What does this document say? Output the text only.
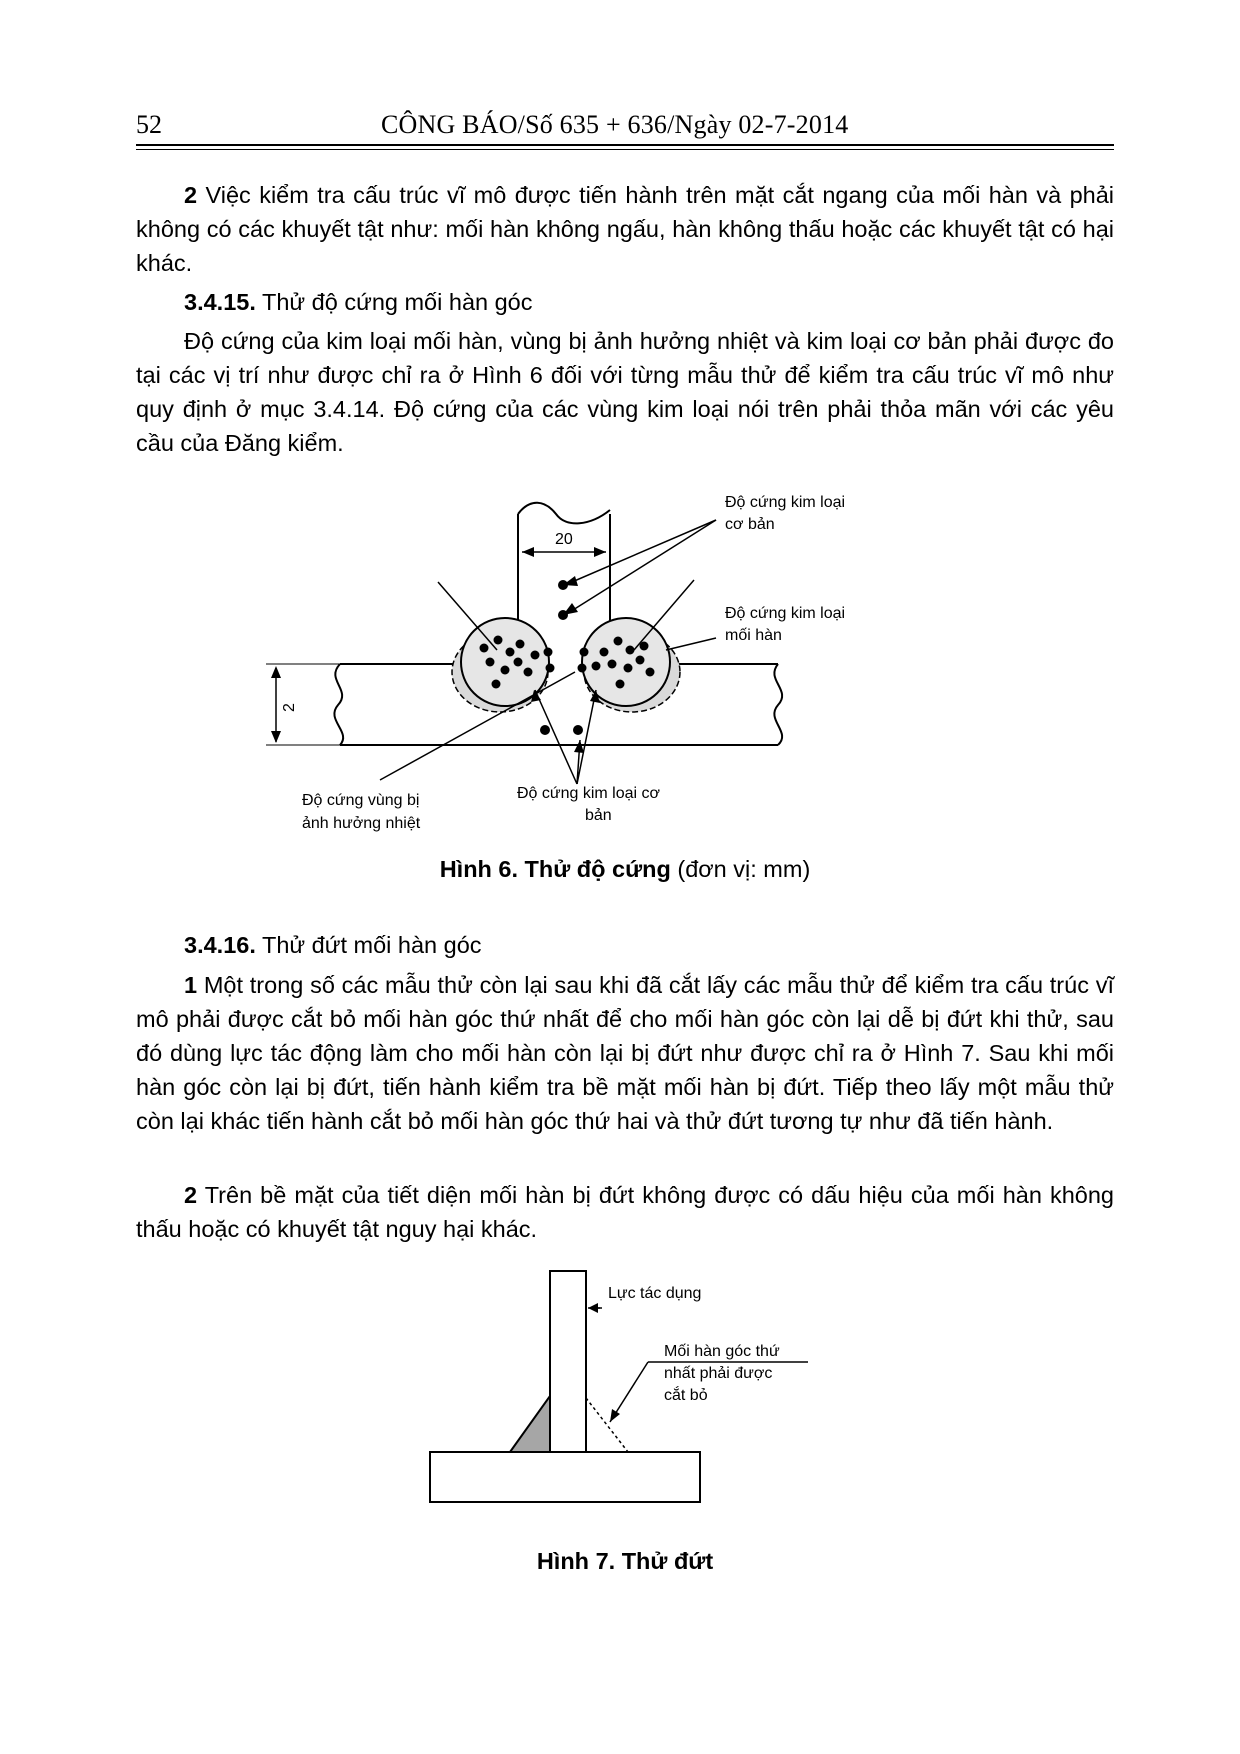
52	CÔNG BÁO/Số 635 + 636/Ngày 02-7-2014

2 Việc kiểm tra cấu trúc vĩ mô được tiến hành trên mặt cắt ngang của mối hàn và phải không có các khuyết tật như: mối hàn không ngấu, hàn không thấu hoặc các khuyết tật có hại khác.

3.4.15. Thử độ cứng mối hàn góc

Độ cứng của kim loại mối hàn, vùng bị ảnh hưởng nhiệt và kim loại cơ bản phải được đo tại các vị trí như được chỉ ra ở Hình 6 đối với từng mẫu thử để kiểm tra cấu trúc vĩ mô như quy định ở mục 3.4.14. Độ cứng của các vùng kim loại nói trên phải thỏa mãn với các yêu cầu của Đăng kiểm.

20
2
Độ cứng kim loại
cơ bản
Độ cứng kim loại
mối hàn
Độ cứng vùng bị
ảnh hưởng nhiệt
Độ cứng kim loại cơ
bản
Hình 6. Thử độ cứng (đơn vị: mm)

3.4.16. Thử đứt mối hàn góc

1 Một trong số các mẫu thử còn lại sau khi đã cắt lấy các mẫu thử để kiểm tra cấu trúc vĩ mô phải được cắt bỏ mối hàn góc thứ nhất để cho mối hàn góc còn lại dễ bị đứt khi thử, sau đó dùng lực tác động làm cho mối hàn còn lại bị đứt như được chỉ ra ở Hình 7. Sau khi mối hàn góc còn lại bị đứt, tiến hành kiểm tra bề mặt mối hàn bị đứt. Tiếp theo lấy một mẫu thử còn lại khác tiến hành cắt bỏ mối hàn góc thứ hai và thử đứt tương tự như đã tiến hành.

2 Trên bề mặt của tiết diện mối hàn bị đứt không được có dấu hiệu của mối hàn không thấu hoặc có khuyết tật nguy hại khác.

Lực tác dụng
Mối hàn góc thứ
nhất phải được
cắt bỏ
Hình 7. Thử đứt
